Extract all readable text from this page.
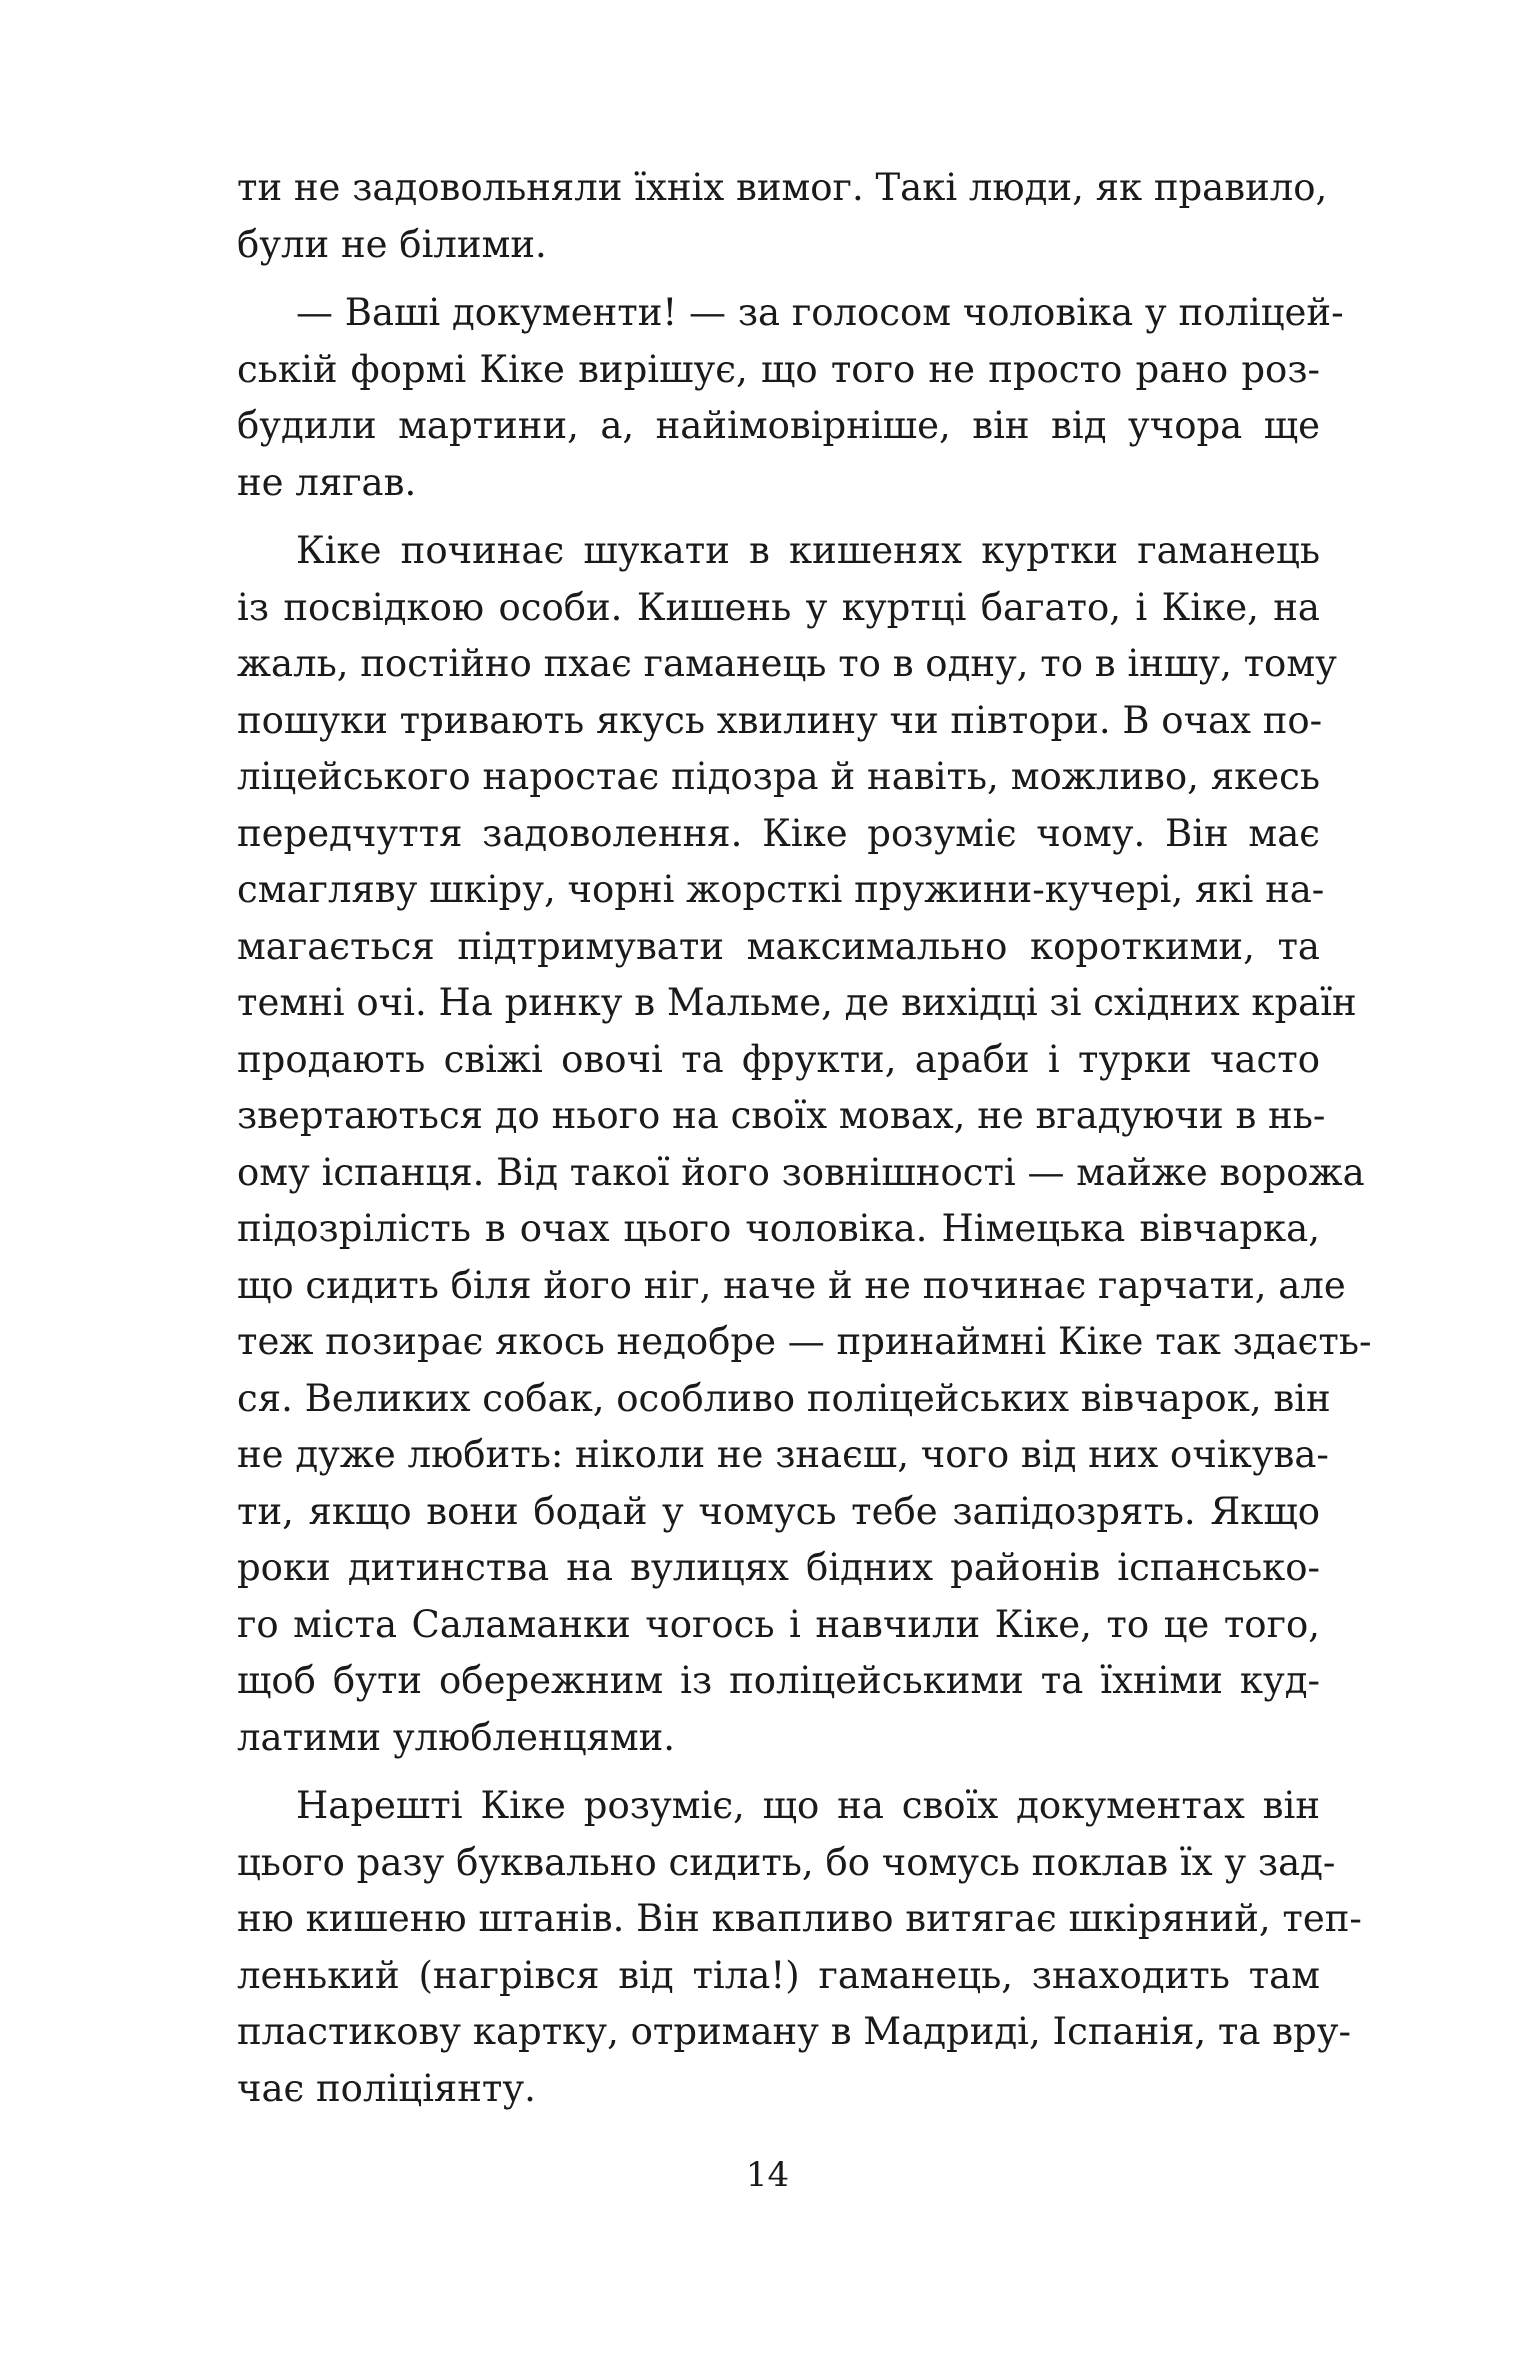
ти не задовольняли їхніх вимог. Такі люди, як правило,
були не білими.
— Ваші документи! — за голосом чоловіка у поліцей-
ській формі Кіке вирішує, що того не просто рано роз-
будили мартини, а, найімовірніше, він від учора ще
не лягав.
Кіке починає шукати в кишенях куртки гаманець
із посвідкою особи. Кишень у куртці багато, і Кіке, на
жаль, постійно пхає гаманець то в одну, то в іншу, тому
пошуки тривають якусь хвилину чи півтори. В очах по-
ліцейського наростає підозра й навіть, можливо, якесь
передчуття задоволення. Кіке розуміє чому. Він має
смагляву шкіру, чорні жорсткі пружини-кучері, які на-
магається підтримувати максимально короткими, та
темні очі. На ринку в Мальме, де вихідці зі східних країн
продають свіжі овочі та фрукти, араби і турки часто
звертаються до нього на своїх мовах, не вгадуючи в нь-
ому іспанця. Від такої його зовнішності — майже ворожа
підозрілість в очах цього чоловіка. Німецька вівчарка,
що сидить біля його ніг, наче й не починає гарчати, але
теж позирає якось недобре — принаймні Кіке так здаєть-
ся. Великих собак, особливо поліцейських вівчарок, він
не дуже любить: ніколи не знаєш, чого від них очікува-
ти, якщо вони бодай у чомусь тебе запідозрять. Якщо
роки дитинства на вулицях бідних районів іспансько-
го міста Саламанки чогось і навчили Кіке, то це того,
щоб бути обережним із поліцейськими та їхніми куд-
латими улюбленцями.
Нарешті Кіке розуміє, що на своїх документах він
цього разу буквально сидить, бо чомусь поклав їх у зад-
ню кишеню штанів. Він квапливо витягає шкіряний, теп-
ленький (нагрівся від тіла!) гаманець, знаходить там
пластикову картку, отриману в Мадриді, Іспанія, та вру-
чає поліціянту.
14
